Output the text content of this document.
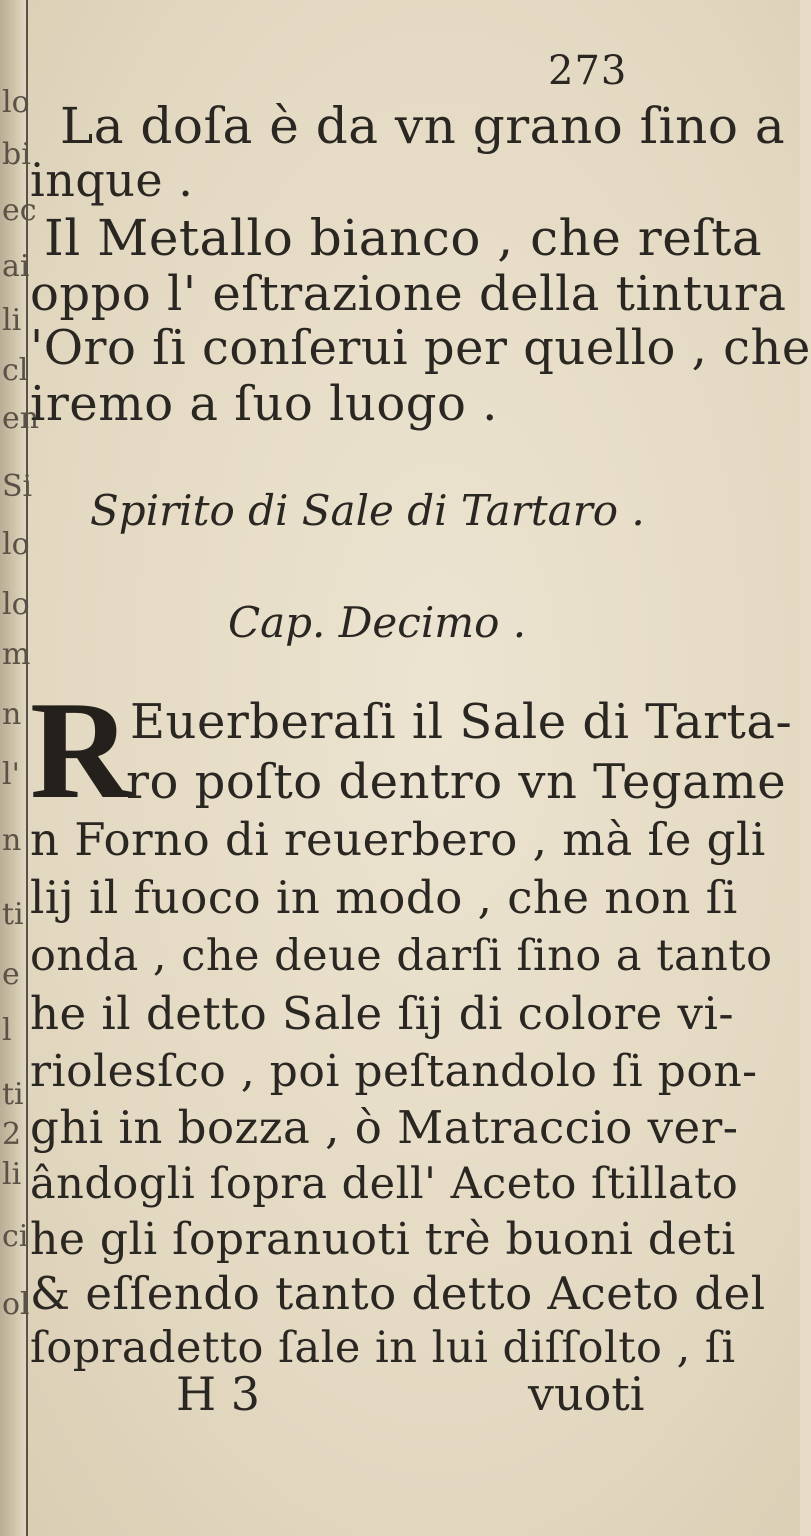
lo
bi
ec
ai
li
cl
en
Si
lo
lo
m
n
l'
n
ti
e
l
ti
2
li
ci
ol
273
La doſa è da vn grano ſino a
inque .
Il Metallo bianco , che reſta
oppo l' eſtrazione della tintura
'Oro ſi conſerui per quello , che
iremo a ſuo luogo .
Spirito di Sale di Tartaro .
Cap. Decimo .
R
Euerberaſi il Sale di Tarta-
ro poſto dentro vn Tegame
n Forno di reuerbero , mà ſe gli
lij il fuoco in modo , che non ſi
onda , che deue darſi ſino a tanto
he il detto Sale ſij di colore vi-
riolesſco , poi peſtandolo ſi pon-
ghi in bozza , ò Matraccio ver-
ândogli ſopra dell' Aceto ſtillato
he gli ſopranuoti trè buoni deti
& eſſendo tanto detto Aceto del
ſopradetto ſale in lui diſſolto , ſi
H 3	vuoti
